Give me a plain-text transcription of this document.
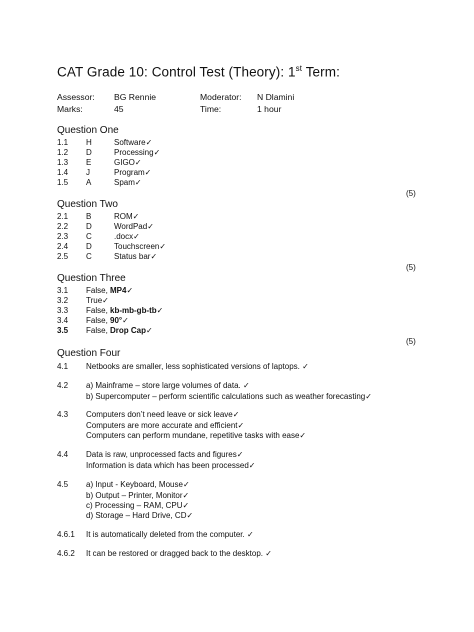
CAT Grade 10: Control Test (Theory): 1st Term:
Assessor: BG Rennie	Moderator: N Dlamini
Marks:	45	Time:	1 hour
Question One
1.1 H	Software✓
1.2 D	Processing✓
1.3 E	GIGO✓
1.4 J	Program✓
1.5 A	Spam✓
(5)
Question Two
2.1 B	ROM✓
2.2 D	WordPad✓
2.3 C	.docx✓
2.4 D	Touchscreen✓
2.5 C	Status bar✓
(5)
Question Three
3.1 False, MP4✓
3.2 True✓
3.3 False, kb-mb-gb-tb✓
3.4 False, 90°✓
3.5 False, Drop Cap✓
(5)
Question Four
4.1 Netbooks are smaller, less sophisticated versions of laptops. ✓
4.2 a) Mainframe – store large volumes of data. ✓
b) Supercomputer – perform scientific calculations such as weather forecasting✓
4.3 Computers don’t need leave or sick leave✓
Computers are more accurate and efficient✓
Computers can perform mundane, repetitive tasks with ease✓
4.4 Data is raw, unprocessed facts and figures✓
Information is data which has been processed✓
4.5 a) Input - Keyboard, Mouse✓
b) Output – Printer, Monitor✓
c) Processing – RAM, CPU✓
d) Storage – Hard Drive, CD✓
4.6.1 It is automatically deleted from the computer. ✓
4.6.2 It can be restored or dragged back to the desktop. ✓
